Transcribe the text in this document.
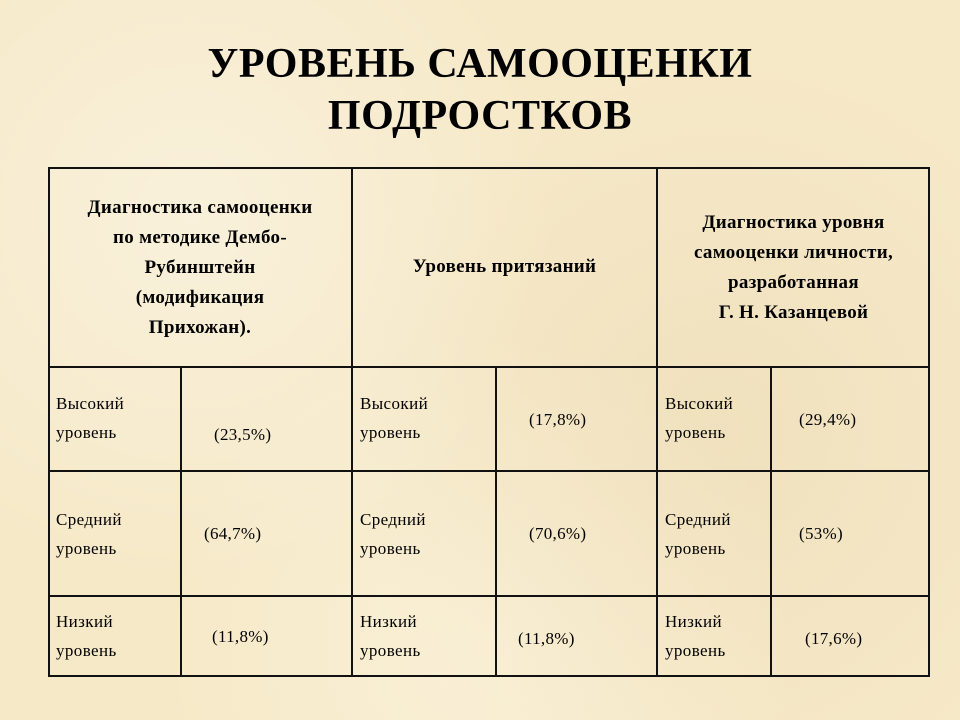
УРОВЕНЬ САМООЦЕНКИ
ПОДРОСТКОВ
Диагностика самооценки
по методике Дембо-
Рубинштейн
(модификация
Прихожан).
Уровень притязаний
Диагностика уровня
самооценки личности,
разработанная
Г. Н. Казанцевой
Высокий
уровень	(23,5%)
Высокий
уровень
(17,8%)
Высокий
уровень
(29,4%)
Средний
уровень
(64,7%)
Средний
уровень
(70,6%)
Средний
уровень
(53%)
Низкий
уровень
(11,8%)
Низкий
уровень
(11,8%)
Низкий
уровень
(17,6%)
